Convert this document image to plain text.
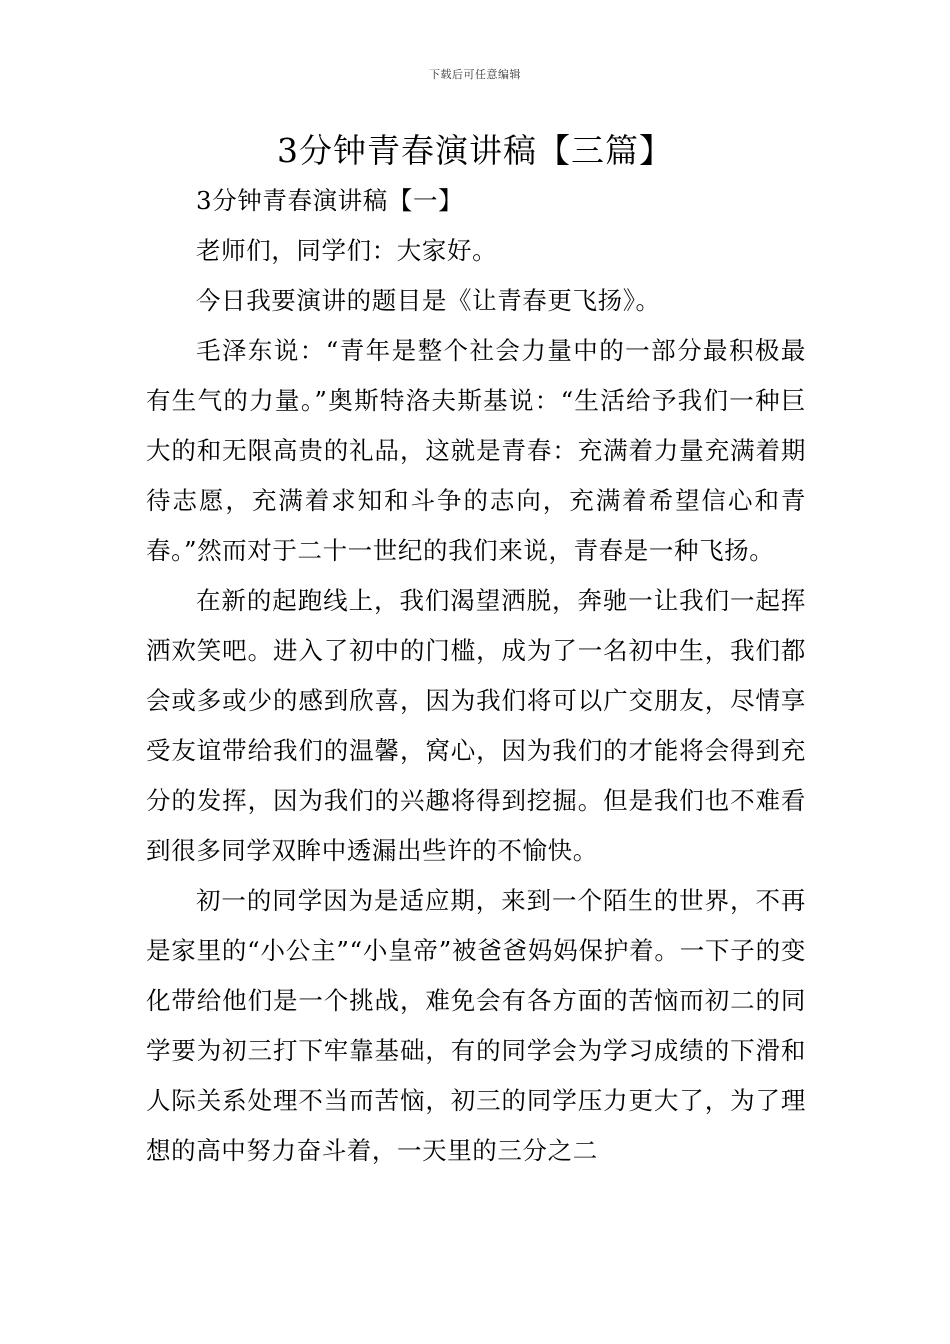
下载后可任意编辑
3分钟青春演讲稿【三篇】

3分钟青春演讲稿【一】

老师们，同学们：大家好。

今日我要演讲的题目是《让青春更飞扬》。

毛泽东说：“青年是整个社会力量中的一部分最积极最有生气的力量。”奥斯特洛夫斯基说：“生活给予我们一种巨大的和无限高贵的礼品，这就是青春：充满着力量充满着期待志愿，充满着求知和斗争的志向，充满着希望信心和青春。”然而对于二十一世纪的我们来说，青春是一种飞扬。

在新的起跑线上，我们渴望洒脱，奔驰一让我们一起挥洒欢笑吧。进入了初中的门槛，成为了一名初中生，我们都会或多或少的感到欣喜，因为我们将可以广交朋友，尽情享受友谊带给我们的温馨，窝心，因为我们的才能将会得到充分的发挥，因为我们的兴趣将得到挖掘。但是我们也不难看到很多同学双眸中透漏出些许的不愉快。

初一的同学因为是适应期，来到一个陌生的世界，不再是家里的“小公主”“小皇帝”被爸爸妈妈保护着。一下子的变化带给他们是一个挑战，难免会有各方面的苦恼而初二的同学要为初三打下牢靠基础，有的同学会为学习成绩的下滑和人际关系处理不当而苦恼，初三的同学压力更大了，为了理想的高中努力奋斗着，一天里的三分之二
